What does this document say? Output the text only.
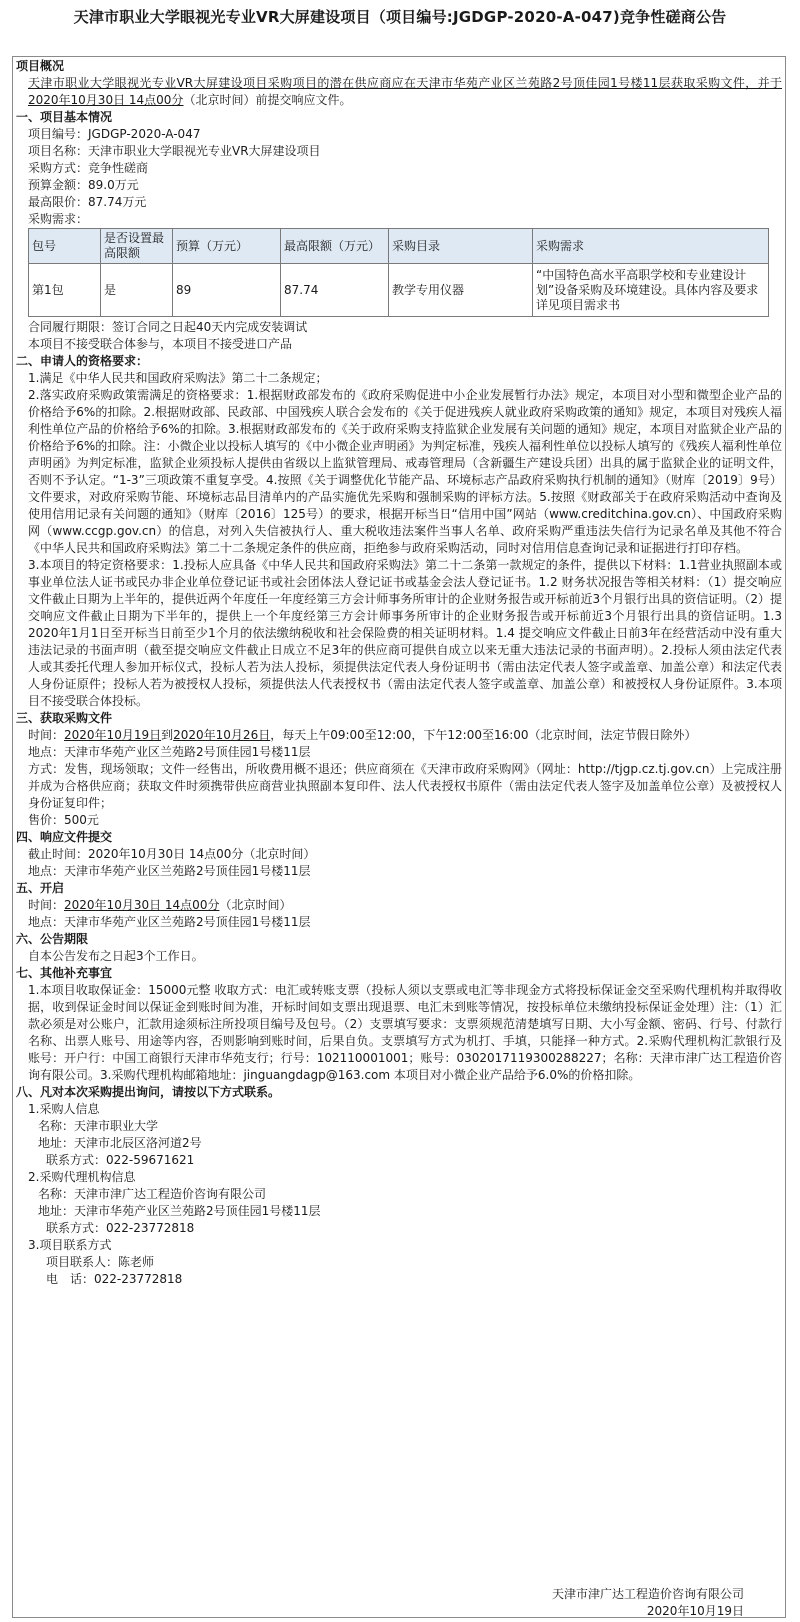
天津市职业大学眼视光专业VR大屏建设项目（项目编号:JGDGP-2020-A-047)竞争性磋商公告

项目概况

天津市职业大学眼视光专业VR大屏建设项目采购项目的潜在供应商应在天津市华苑产业区兰苑路2号顶佳园1号楼11层获取采购文件，并于2020年10月30日 14点00分（北京时间）前提交响应文件。

一、项目基本情况

项目编号：JGDGP-2020-A-047

项目名称：天津市职业大学眼视光专业VR大屏建设项目

采购方式：竞争性磋商

预算金额：89.0万元

最高限价：87.74万元

采购需求：

包号	是否设置最高限额	预算（万元）	最高限额（万元）	采购目录	采购需求
第1包	是	89	87.74	教学专用仪器	“中国特色高水平高职学校和专业建设计划”设备采购及环境建设。具体内容及要求详见项目需求书

合同履行期限：签订合同之日起40天内完成安装调试

本项目不接受联合体参与，本项目不接受进口产品

二、申请人的资格要求：

1.满足《中华人民共和国政府采购法》第二十二条规定；

2.落实政府采购政策需满足的资格要求：1.根据财政部发布的《政府采购促进中小企业发展暂行办法》规定，本项目对小型和微型企业产品的价格给予6%的扣除。2.根据财政部、民政部、中国残疾人联合会发布的《关于促进残疾人就业政府采购政策的通知》规定，本项目对残疾人福利性单位产品的价格给予6%的扣除。3.根据财政部发布的《关于政府采购支持监狱企业发展有关问题的通知》规定，本项目对监狱企业产品的价格给予6%的扣除。注：小微企业以投标人填写的《中小微企业声明函》为判定标准，残疾人福利性单位以投标人填写的《残疾人福利性单位声明函》为判定标准，监狱企业须投标人提供由省级以上监狱管理局、戒毒管理局（含新疆生产建设兵团）出具的属于监狱企业的证明文件，否则不予认定。“1-3”三项政策不重复享受。4.按照《关于调整优化节能产品、环境标志产品政府采购执行机制的通知》（财库〔2019〕9号）文件要求，对政府采购节能、环境标志品目清单内的产品实施优先采购和强制采购的评标方法。5.按照《财政部关于在政府采购活动中查询及使用信用记录有关问题的通知》（财库〔2016〕125号）的要求，根据开标当日“信用中国”网站（www.creditchina.gov.cn）、中国政府采购网（www.ccgp.gov.cn）的信息，对列入失信被执行人、重大税收违法案件当事人名单、政府采购严重违法失信行为记录名单及其他不符合《中华人民共和国政府采购法》第二十二条规定条件的供应商，拒绝参与政府采购活动，同时对信用信息查询记录和证据进行打印存档。

3.本项目的特定资格要求：1.投标人应具备《中华人民共和国政府采购法》第二十二条第一款规定的条件，提供以下材料：1.1营业执照副本或事业单位法人证书或民办非企业单位登记证书或社会团体法人登记证书或基金会法人登记证书。1.2 财务状况报告等相关材料：（1）提交响应文件截止日期为上半年的，提供近两个年度任一年度经第三方会计师事务所审计的企业财务报告或开标前近3个月银行出具的资信证明。（2）提交响应文件截止日期为下半年的，提供上一个年度经第三方会计师事务所审计的企业财务报告或开标前近3个月银行出具的资信证明。1.3 2020年1月1日至开标当日前至少1个月的依法缴纳税收和社会保险费的相关证明材料。1.4 提交响应文件截止日前3年在经营活动中没有重大违法记录的书面声明（截至提交响应文件截止日成立不足3年的供应商可提供自成立以来无重大违法记录的书面声明）。2.投标人须由法定代表人或其委托代理人参加开标仪式，投标人若为法人投标，须提供法定代表人身份证明书（需由法定代表人签字或盖章、加盖公章）和法定代表人身份证原件；投标人若为被授权人投标，须提供法人代表授权书（需由法定代表人签字或盖章、加盖公章）和被授权人身份证原件。3.本项目不接受联合体投标。

三、获取采购文件

时间：2020年10月19日到2020年10月26日，每天上午09:00至12:00，下午12:00至16:00（北京时间，法定节假日除外）

地点：天津市华苑产业区兰苑路2号顶佳园1号楼11层

方式：发售，现场领取；文件一经售出，所收费用概不退还；供应商须在《天津市政府采购网》（网址：http://tjgp.cz.tj.gov.cn）上完成注册并成为合格供应商；获取文件时须携带供应商营业执照副本复印件、法人代表授权书原件（需由法定代表人签字及加盖单位公章）及被授权人身份证复印件；

售价：500元

四、响应文件提交

截止时间：2020年10月30日 14点00分（北京时间）

地点：天津市华苑产业区兰苑路2号顶佳园1号楼11层

五、开启

时间：2020年10月30日 14点00分（北京时间）

地点：天津市华苑产业区兰苑路2号顶佳园1号楼11层

六、公告期限

自本公告发布之日起3个工作日。

七、其他补充事宜

1.本项目收取保证金：15000元整 收取方式：电汇或转账支票（投标人须以支票或电汇等非现金方式将投标保证金交至采购代理机构并取得收据，收到保证金时间以保证金到账时间为准，开标时间如支票出现退票、电汇未到账等情况，按投标单位未缴纳投标保证金处理）注:（1）汇款必须是对公账户，汇款用途须标注所投项目编号及包号。（2）支票填写要求：支票须规范清楚填写日期、大小写金额、密码、行号、付款行名称、出票人账号、用途等内容，否则影响到账时间，后果自负。支票填写方式为机打、手填，只能择一种方式。2.采购代理机构汇款银行及账号：开户行：中国工商银行天津市华苑支行；行号：102110001001；账号：0302017119300288227；名称：天津市津广达工程造价咨询有限公司。3.采购代理机构邮箱地址：jinguangdagp@163.com 本项目对小微企业产品给予6.0%的价格扣除。

八、凡对本次采购提出询问，请按以下方式联系。

1.采购人信息

名称：天津市职业大学

地址：天津市北辰区洛河道2号

联系方式：022-59671621

2.采购代理机构信息

名称：天津市津广达工程造价咨询有限公司

地址：天津市华苑产业区兰苑路2号顶佳园1号楼11层

联系方式：022-23772818

3.项目联系方式

项目联系人：陈老师

电　话：022-23772818

天津市津广达工程造价咨询有限公司

2020年10月19日
